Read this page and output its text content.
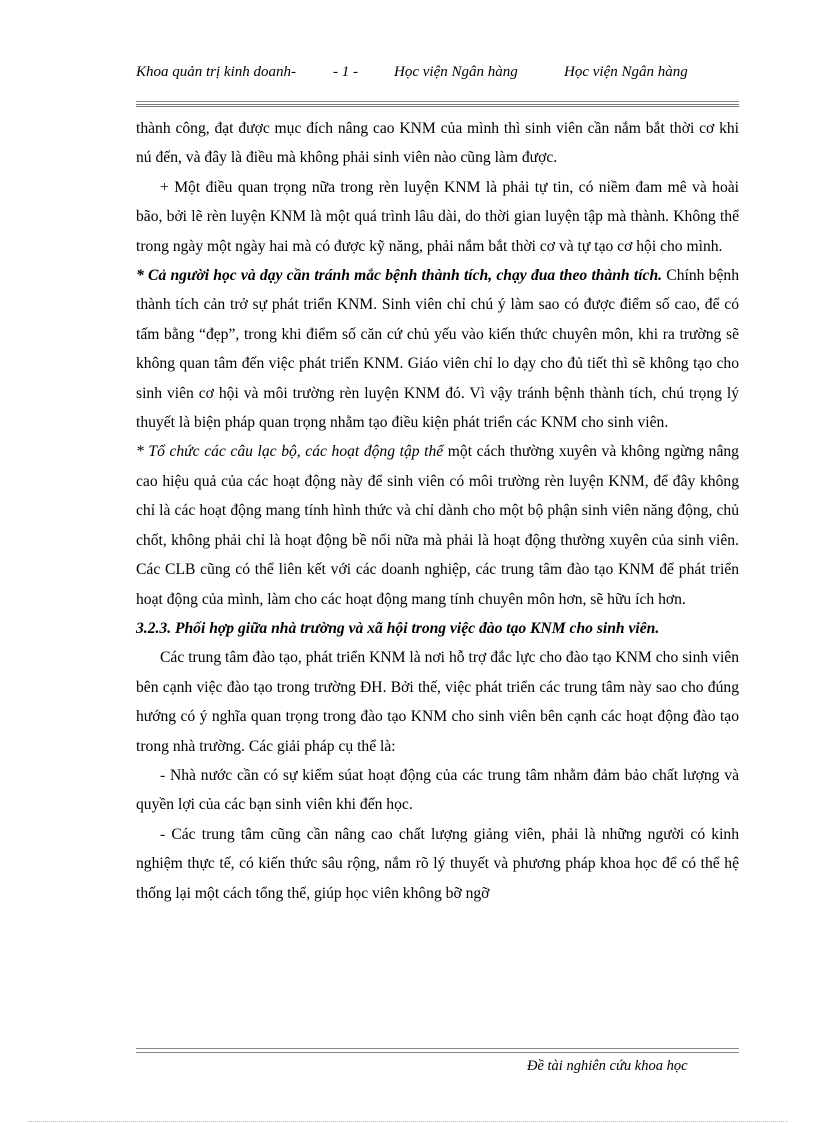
Khoa quản trị kinh doanh- - 1 - Học viện Ngân hàng	Học viện Ngân hàng

thành công, đạt được mục đích nâng cao KNM của mình thì sinh viên cần nắm bắt thời cơ khi nú đến, và đây là điều mà không phải sinh viên nào cũng làm được.

+ Một điều quan trọng nữa trong rèn luyện KNM là phải tự tin, có niềm đam mê và hoài bão, bởi lẽ rèn luyện KNM là một quá trình lâu dài, do thời gian luyện tập mà thành. Không thể trong ngày một ngày hai mà có được kỹ năng, phải nắm bắt thời cơ và tự tạo cơ hội cho mình.

* Cả người học và dạy cần tránh mắc bệnh thành tích, chạy đua theo thành tích. Chính bệnh thành tích cản trở sự phát triển KNM. Sinh viên chỉ chú ý làm sao có được điểm số cao, để có tấm bằng “đẹp”, trong khi điểm số căn cứ chủ yếu vào kiến thức chuyên môn, khi ra trường sẽ không quan tâm đến việc phát triển KNM. Giáo viên chỉ lo dạy cho đủ tiết thì sẽ không tạo cho sinh viên cơ hội và môi trường rèn luyện KNM đó. Vì vậy tránh bệnh thành tích, chú trọng lý thuyết là biện pháp quan trọng nhằm tạo điều kiện phát triển các KNM cho sinh viên.

* Tổ chức các câu lạc bộ, các hoạt động tập thể một cách thường xuyên và không ngừng nâng cao hiệu quả của các hoạt động này để sinh viên có môi trường rèn luyện KNM, để đây không chỉ là các hoạt động mang tính hình thức và chỉ dành cho một bộ phận sinh viên năng động, chủ chốt, không phải chỉ là hoạt động bề nổi nữa mà phải là hoạt động thường xuyên của sinh viên. Các CLB cũng có thể liên kết với các doanh nghiệp, các trung tâm đào tạo KNM để phát triển hoạt động của mình, làm cho các hoạt động mang tính chuyên môn hơn, sẽ hữu ích hơn.

3.2.3. Phối hợp giữa nhà trường và xã hội trong việc đào tạo KNM cho sinh viên.

Các trung tâm đào tạo, phát triển KNM là nơi hỗ trợ đắc lực cho đào tạo KNM cho sinh viên bên cạnh việc đào tạo trong trường ĐH. Bởi thế, việc phát triển các trung tâm này sao cho đúng hướng có ý nghĩa quan trọng trong đào tạo KNM cho sinh viên bên cạnh các hoạt động đào tạo trong nhà trường. Các giải pháp cụ thể là:

- Nhà nước cần có sự kiểm súat hoạt động của các trung tâm nhằm đảm bảo chất lượng và quyền lợi của các bạn sinh viên khi đến học.

- Các trung tâm cũng cần nâng cao chất lượng giảng viên, phải là những người có kinh nghiệm thực tế, có kiến thức sâu rộng, nắm rõ lý thuyết và phương pháp khoa học để có thể hệ thống lại một cách tổng thể, giúp học viên không bỡ ngỡ

Đề tài nghiên cứu khoa học
